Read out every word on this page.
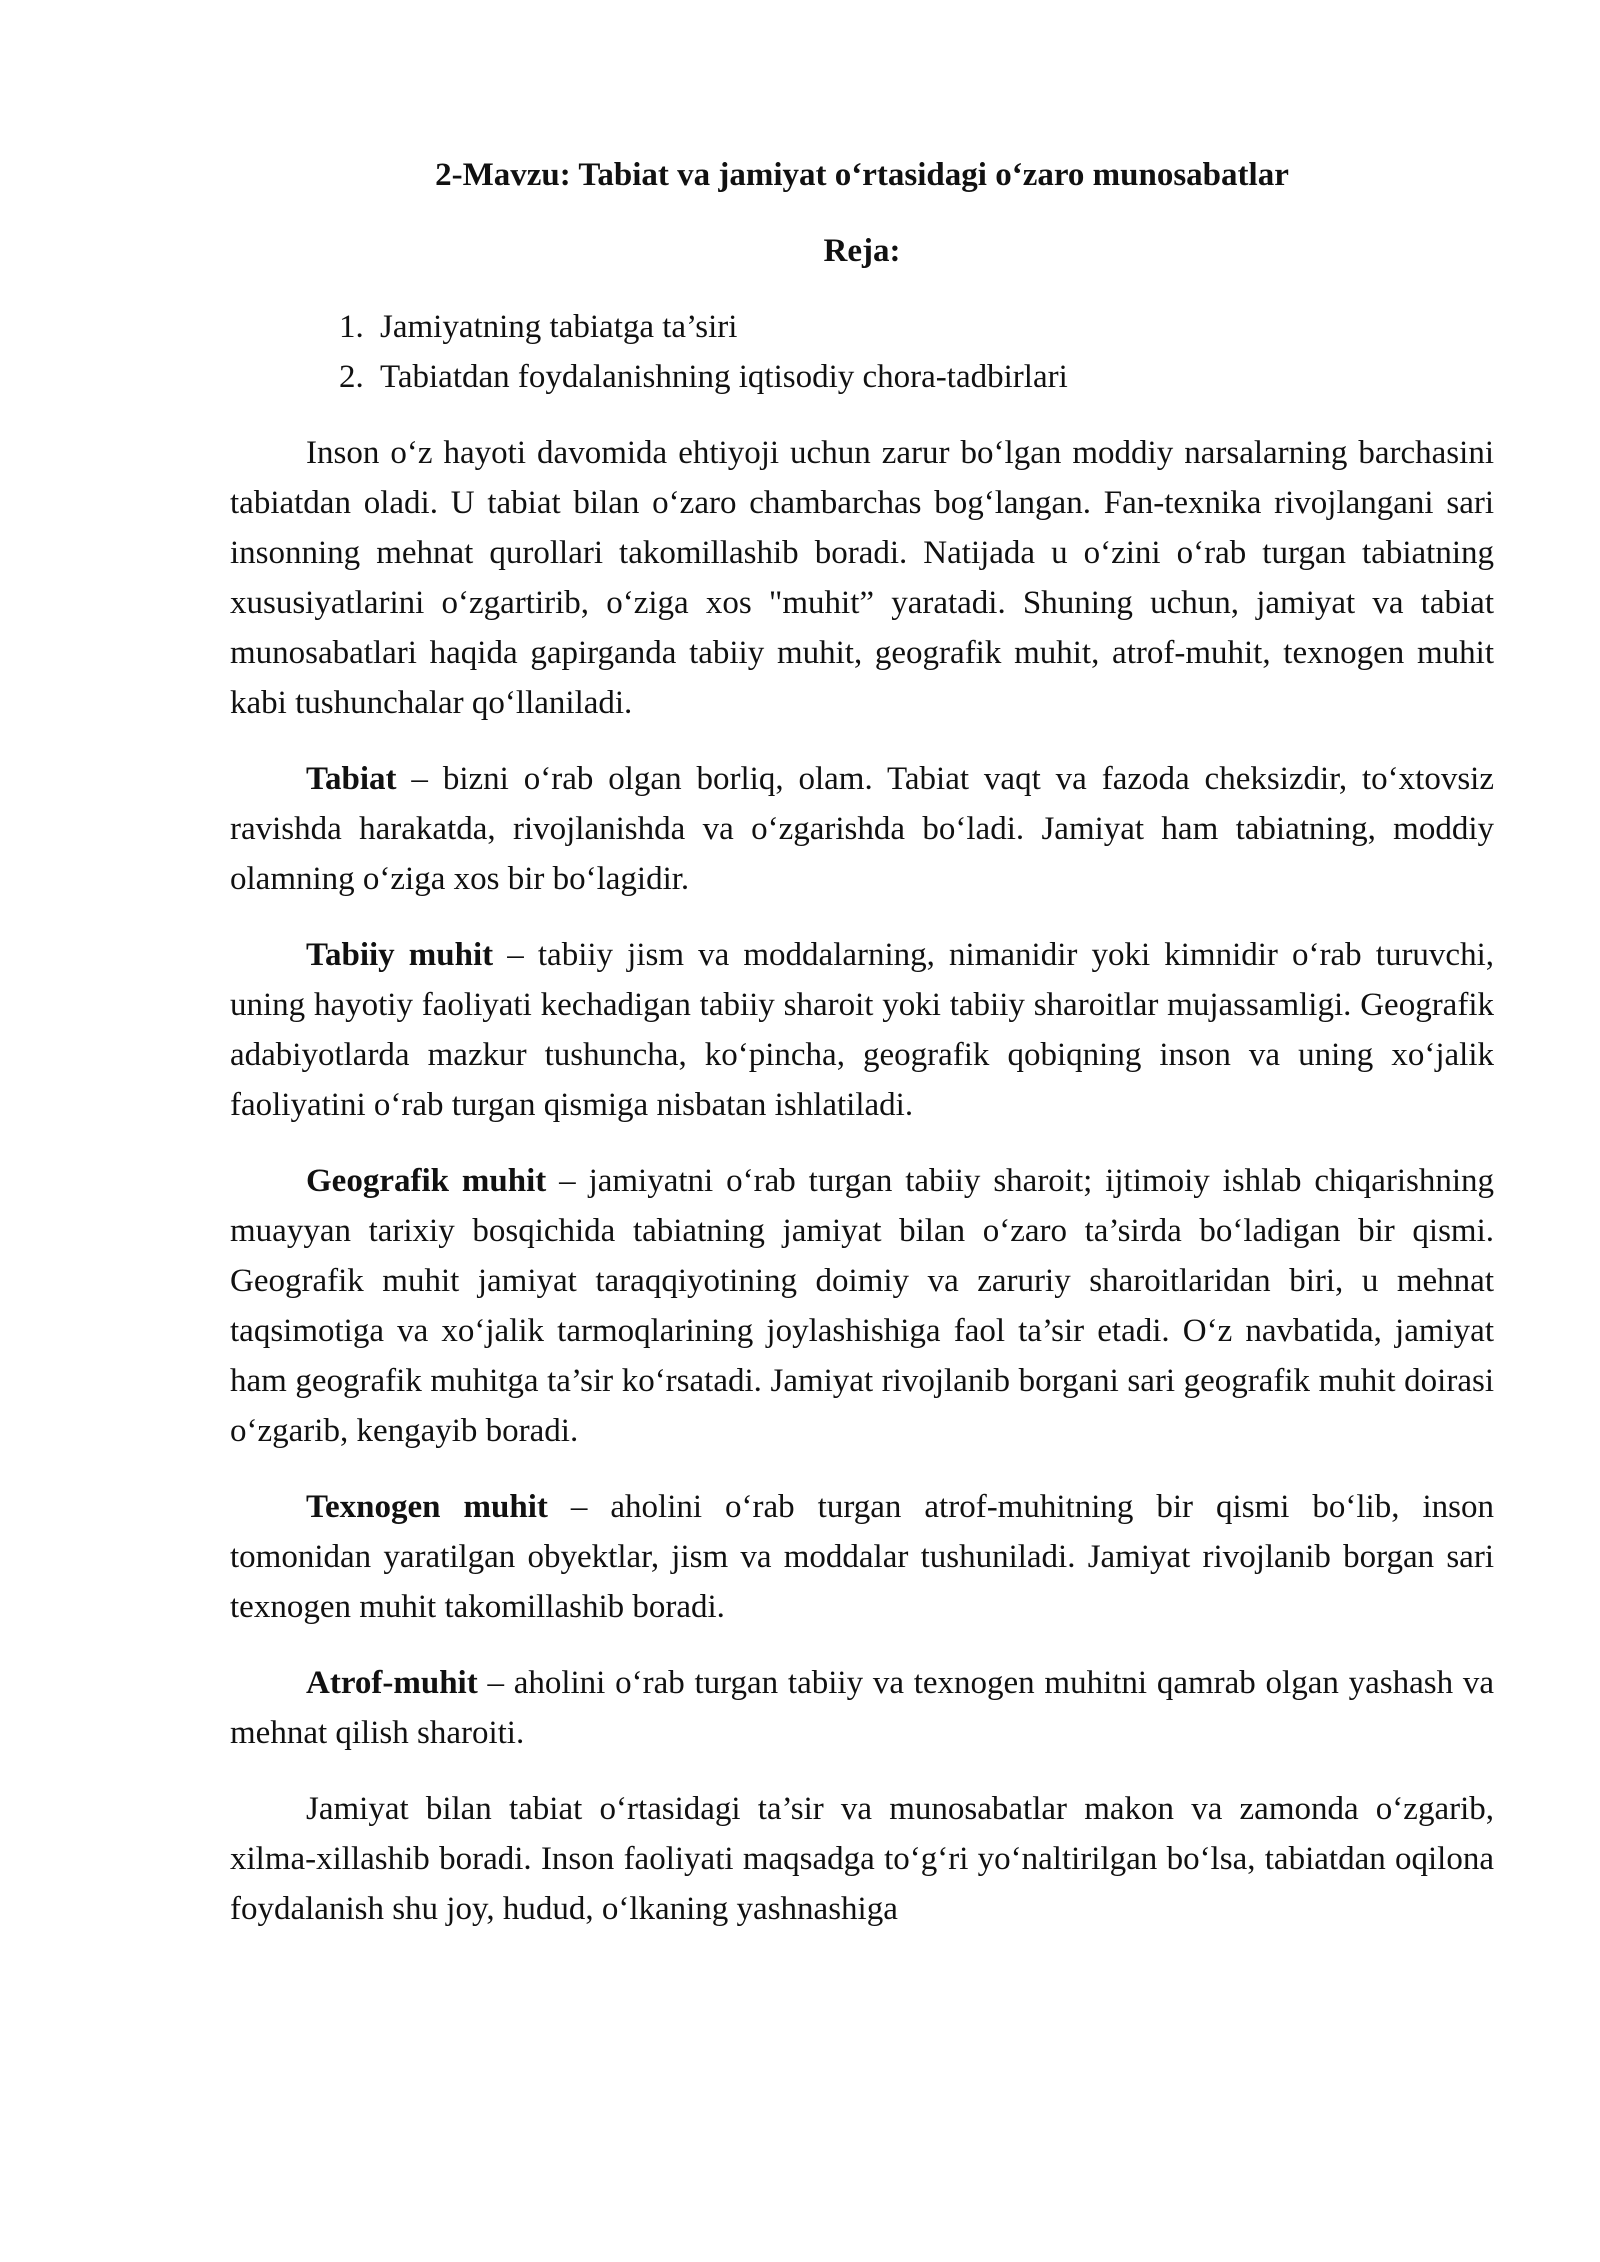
2-Mavzu: Tabiat va jamiyat o‘rtasidagi o‘zaro munosabatlar
Reja:
1. Jamiyatning tabiatga ta’siri
2. Tabiatdan foydalanishning iqtisodiy chora-tadbirlari

Inson o‘z hayoti davomida ehtiyoji uchun zarur bo‘lgan moddiy narsalarning barchasini tabiatdan oladi. U tabiat bilan o‘zaro chambarchas bog‘langan. Fan-texnika rivojlangani sari insonning mehnat qurollari takomillashib boradi. Natijada u o‘zini o‘rab turgan tabiatning xususiyatlarini o‘zgartirib, o‘ziga xos "muhit” yaratadi. Shuning uchun, jamiyat va tabiat munosabatlari haqida gapirganda tabiiy muhit, geografik muhit, atrof-muhit, texnogen muhit kabi tushunchalar qo‘llaniladi.

Tabiat – bizni o‘rab olgan borliq, olam. Tabiat vaqt va fazoda cheksizdir, to‘xtovsiz ravishda harakatda, rivojlanishda va o‘zgarishda bo‘ladi. Jamiyat ham tabiatning, moddiy olamning o‘ziga xos bir bo‘lagidir.

Tabiiy muhit – tabiiy jism va moddalarning, nimanidir yoki kimnidir o‘rab turuvchi, uning hayotiy faoliyati kechadigan tabiiy sharoit yoki tabiiy sharoitlar mujassamligi. Geografik adabiyotlarda mazkur tushuncha, ko‘pincha, geografik qobiqning inson va uning xo‘jalik faoliyatini o‘rab turgan qismiga nisbatan ishlatiladi.

Geografik muhit – jamiyatni o‘rab turgan tabiiy sharoit; ijtimoiy ishlab chiqarishning muayyan tarixiy bosqichida tabiatning jamiyat bilan o‘zaro ta’sirda bo‘ladigan bir qismi. Geografik muhit jamiyat taraqqiyotining doimiy va zaruriy sharoitlaridan biri, u mehnat taqsimotiga va xo‘jalik tarmoqlarining joylashishiga faol ta’sir etadi. O‘z navbatida, jamiyat ham geografik muhitga ta’sir ko‘rsatadi. Jamiyat rivojlanib borgani sari geografik muhit doirasi o‘zgarib, kengayib boradi.

Texnogen muhit – aholini o‘rab turgan atrof-muhitning bir qismi bo‘lib, inson tomonidan yaratilgan obyektlar, jism va moddalar tushuniladi. Jamiyat rivojlanib borgan sari texnogen muhit takomillashib boradi.

Atrof-muhit – aholini o‘rab turgan tabiiy va texnogen muhitni qamrab olgan yashash va mehnat qilish sharoiti.

Jamiyat bilan tabiat o‘rtasidagi ta’sir va munosabatlar makon va zamonda o‘zgarib, xilma-xillashib boradi. Inson faoliyati maqsadga to‘g‘ri yo‘naltirilgan bo‘lsa, tabiatdan oqilona foydalanish shu joy, hudud, o‘lkaning yashnashiga
